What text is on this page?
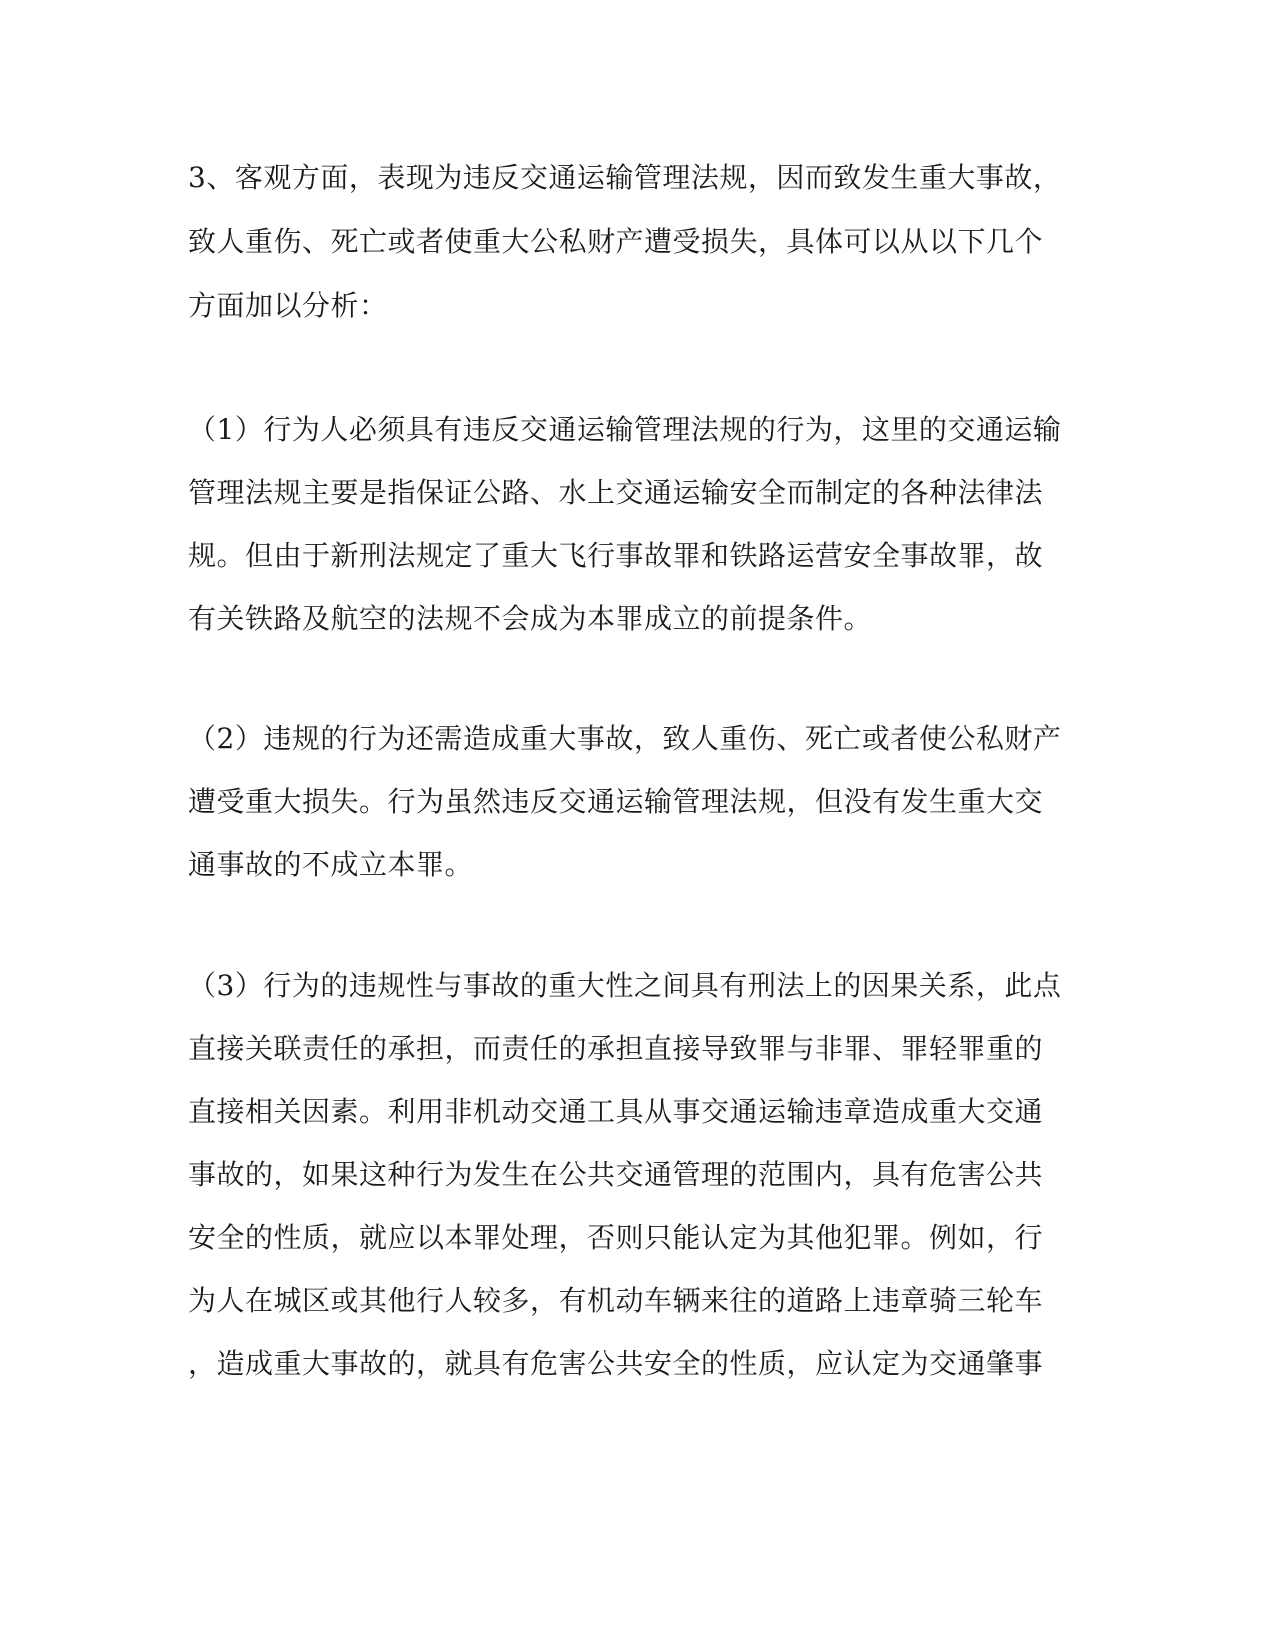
3、客观方面，表现为违反交通运输管理法规，因而致发生重大事故，
致人重伤、死亡或者使重大公私财产遭受损失，具体可以从以下几个
方面加以分析：
（1）行为人必须具有违反交通运输管理法规的行为，这里的交通运输
管理法规主要是指保证公路、水上交通运输安全而制定的各种法律法
规。但由于新刑法规定了重大飞行事故罪和铁路运营安全事故罪，故
有关铁路及航空的法规不会成为本罪成立的前提条件。
（2）违规的行为还需造成重大事故，致人重伤、死亡或者使公私财产
遭受重大损失。行为虽然违反交通运输管理法规，但没有发生重大交
通事故的不成立本罪。
（3）行为的违规性与事故的重大性之间具有刑法上的因果关系，此点
直接关联责任的承担，而责任的承担直接导致罪与非罪、罪轻罪重的
直接相关因素。利用非机动交通工具从事交通运输违章造成重大交通
事故的，如果这种行为发生在公共交通管理的范围内，具有危害公共
安全的性质，就应以本罪处理，否则只能认定为其他犯罪。例如，行
为人在城区或其他行人较多，有机动车辆来往的道路上违章骑三轮车
，造成重大事故的，就具有危害公共安全的性质，应认定为交通肇事
